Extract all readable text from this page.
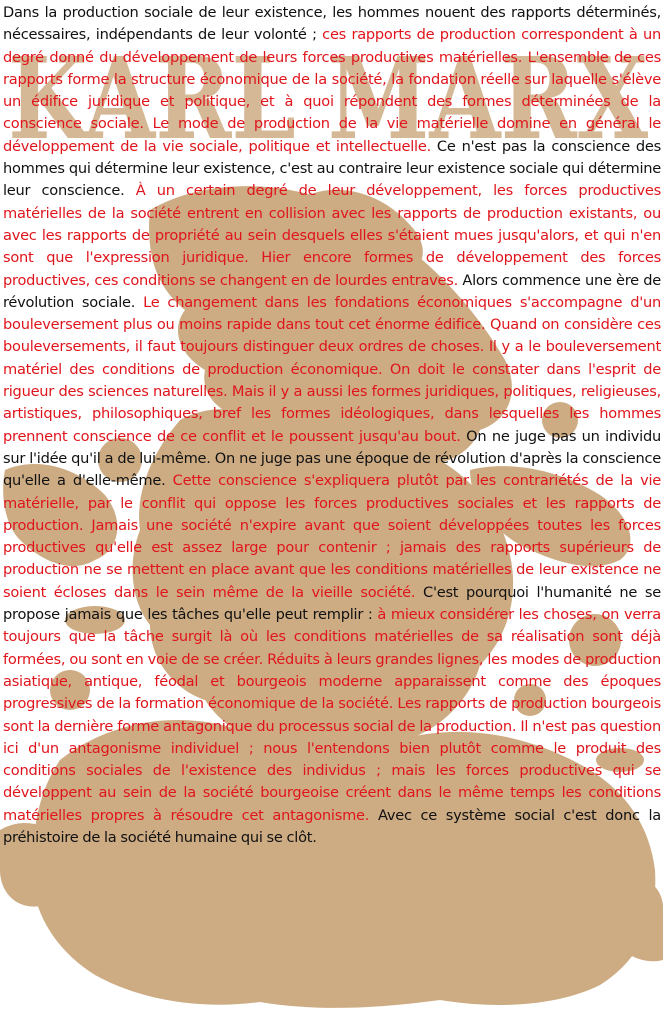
KARL MARX

Dans la production sociale de leur existence, les hommes nouent des rapports déterminés, nécessaires, indépendants de leur volonté ; ces rapports de production correspondent à un degré donné du développement de leurs forces productives matérielles. L'ensemble de ces rapports forme la structure économique de la société, la fondation réelle sur laquelle s'élève un édifice juridique et politique, et à quoi répondent des formes déterminées de la conscience sociale. Le mode de production de la vie matérielle domine en général le développement de la vie sociale, politique et intellectuelle. Ce n'est pas la conscience des hommes qui détermine leur existence, c'est au contraire leur existence sociale qui détermine leur conscience. À un certain degré de leur développement, les forces productives matérielles de la société entrent en collision avec les rapports de production existants, ou avec les rapports de propriété au sein desquels elles s'étaient mues jusqu'alors, et qui n'en sont que l'expression juridique. Hier encore formes de développement des forces productives, ces conditions se changent en de lourdes entraves. Alors commence une ère de révolution sociale. Le changement dans les fondations économiques s'accompagne d'un bouleversement plus ou moins rapide dans tout cet énorme édifice. Quand on considère ces bouleversements, il faut toujours distinguer deux ordres de choses. Il y a le bouleversement matériel des conditions de production économique. On doit le constater dans l'esprit de rigueur des sciences naturelles. Mais il y a aussi les formes juridiques, politiques, religieuses, artistiques, philosophiques, bref les formes idéologiques, dans lesquelles les hommes prennent conscience de ce conflit et le poussent jusqu'au bout. On ne juge pas un individu sur l'idée qu'il a de lui-même. On ne juge pas une époque de révolution d'après la conscience qu'elle a d'elle-même. Cette conscience s'expliquera plutôt par les contrariétés de la vie matérielle, par le conflit qui oppose les forces productives sociales et les rapports de production. Jamais une société n'expire avant que soient développées toutes les forces productives qu'elle est assez large pour contenir ; jamais des rapports supérieurs de production ne se mettent en place avant que les conditions matérielles de leur existence ne soient écloses dans le sein même de la vieille société. C'est pourquoi l'humanité ne se propose jamais que les tâches qu'elle peut remplir : à mieux considérer les choses, on verra toujours que la tâche surgit là où les conditions matérielles de sa réalisation sont déjà formées, ou sont en voie de se créer. Réduits à leurs grandes lignes, les modes de production asiatique, antique, féodal et bourgeois moderne apparaissent comme des époques progressives de la formation économique de la société. Les rapports de production bourgeois sont la dernière forme antagonique du processus social de la production. Il n'est pas question ici d'un antagonisme individuel ; nous l'entendons bien plutôt comme le produit des conditions sociales de l'existence des individus ; mais les forces productives qui se développent au sein de la société bourgeoise créent dans le même temps les conditions matérielles propres à résoudre cet antagonisme. Avec ce système social c'est donc la préhistoire de la société humaine qui se clôt.
